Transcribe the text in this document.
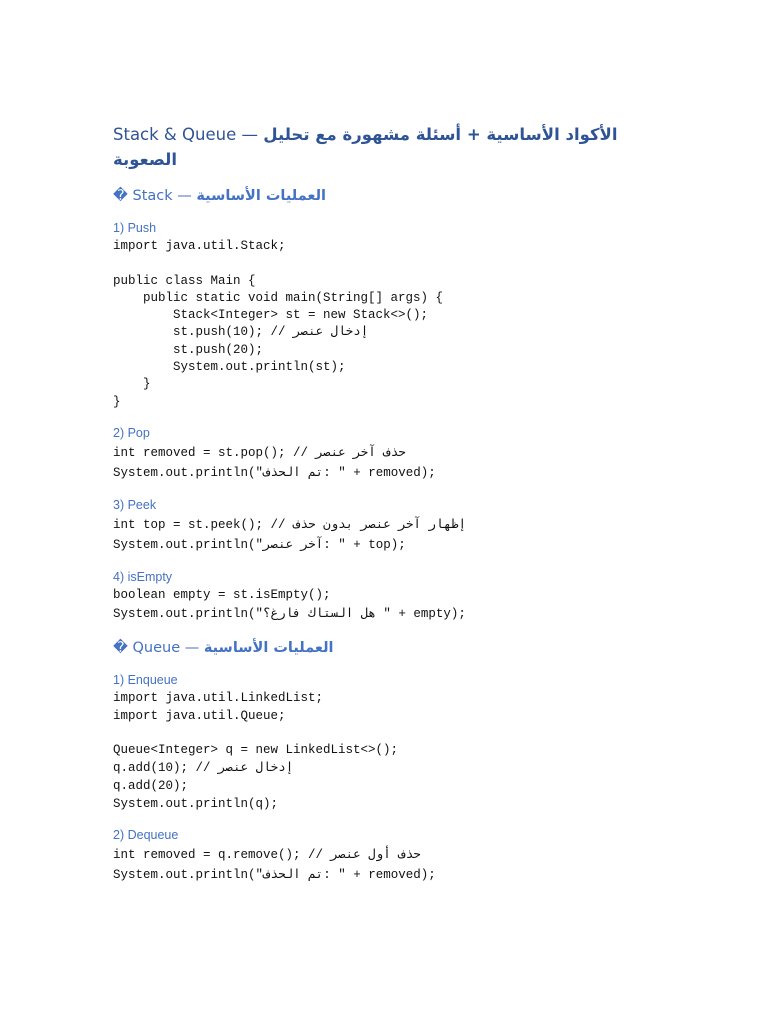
Stack & Queue — الأكواد الأساسية + أسئلة مشهورة مع تحليل
الصعوبة
� Stack — العمليات الأساسية
1) Push
import java.util.Stack;
public class Main {
public static void main(String[] args) {
Stack<Integer> st = new Stack<>();
st.push(10); // إدخال عنصر
st.push(20);
System.out.println(st);
}
}
2) Pop
int removed = st.pop(); // حذف آخر عنصر
System.out.println("تم الحذف: " + removed);
3) Peek
int top = st.peek(); // إظهار آخر عنصر بدون حذف
System.out.println("آخر عنصر: " + top);
4) isEmpty
boolean empty = st.isEmpty();
System.out.println("هل الستاك فارغ؟ " + empty);
� Queue — العمليات الأساسية
1) Enqueue
import java.util.LinkedList;
import java.util.Queue;
Queue<Integer> q = new LinkedList<>();
q.add(10); // إدخال عنصر
q.add(20);
System.out.println(q);
2) Dequeue
int removed = q.remove(); // حذف أول عنصر
System.out.println("تم الحذف: " + removed);
